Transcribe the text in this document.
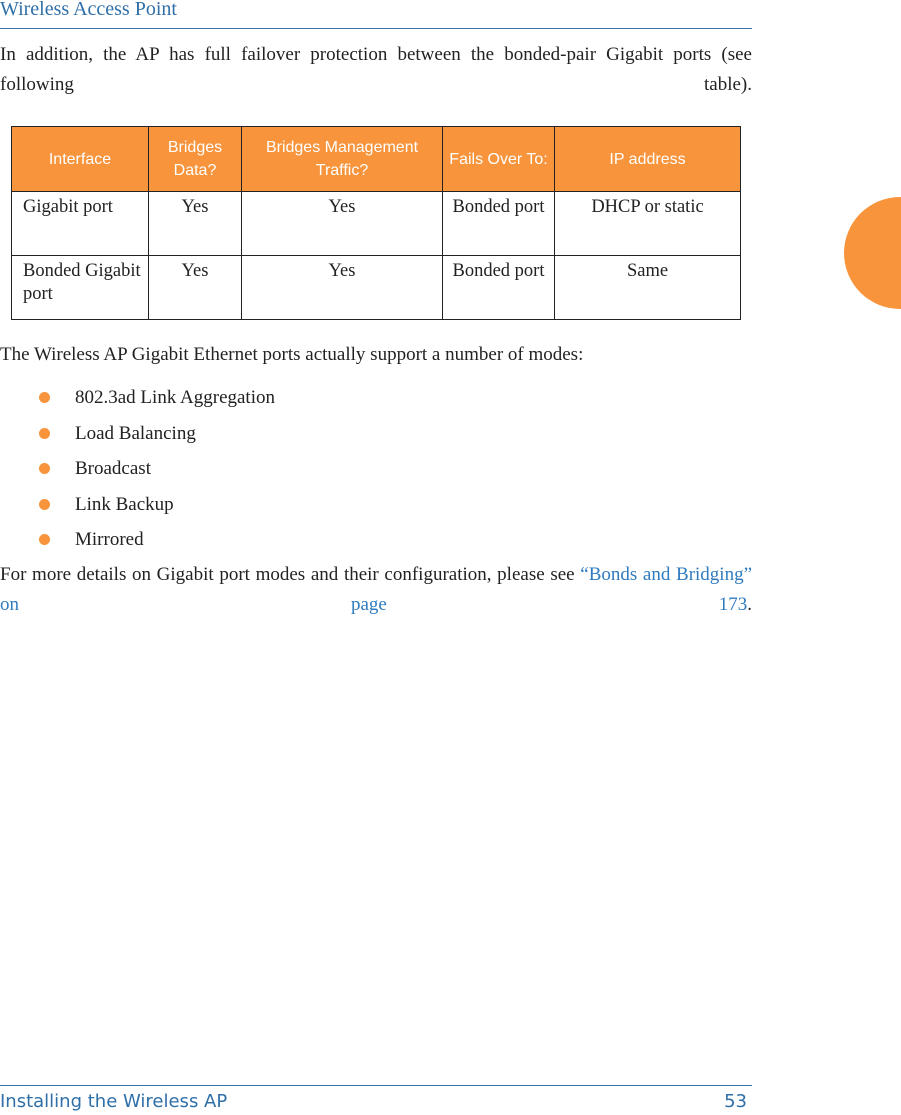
Wireless Access Point

In addition, the AP has full failover protection between the bonded-pair Gigabit ports (see following table).

Interface	Bridges Data?	Bridges Management Traffic?	Fails Over To:	IP address
Gigabit port	Yes	Yes	Bonded port	DHCP or static
Bonded Gigabit port	Yes	Yes	Bonded port	Same

The Wireless AP Gigabit Ethernet ports actually support a number of modes:

802.3ad Link Aggregation
Load Balancing
Broadcast
Link Backup
Mirrored

For more details on Gigabit port modes and their configuration, please see “Bonds and Bridging” on page 173.

Installing the Wireless AP	53
